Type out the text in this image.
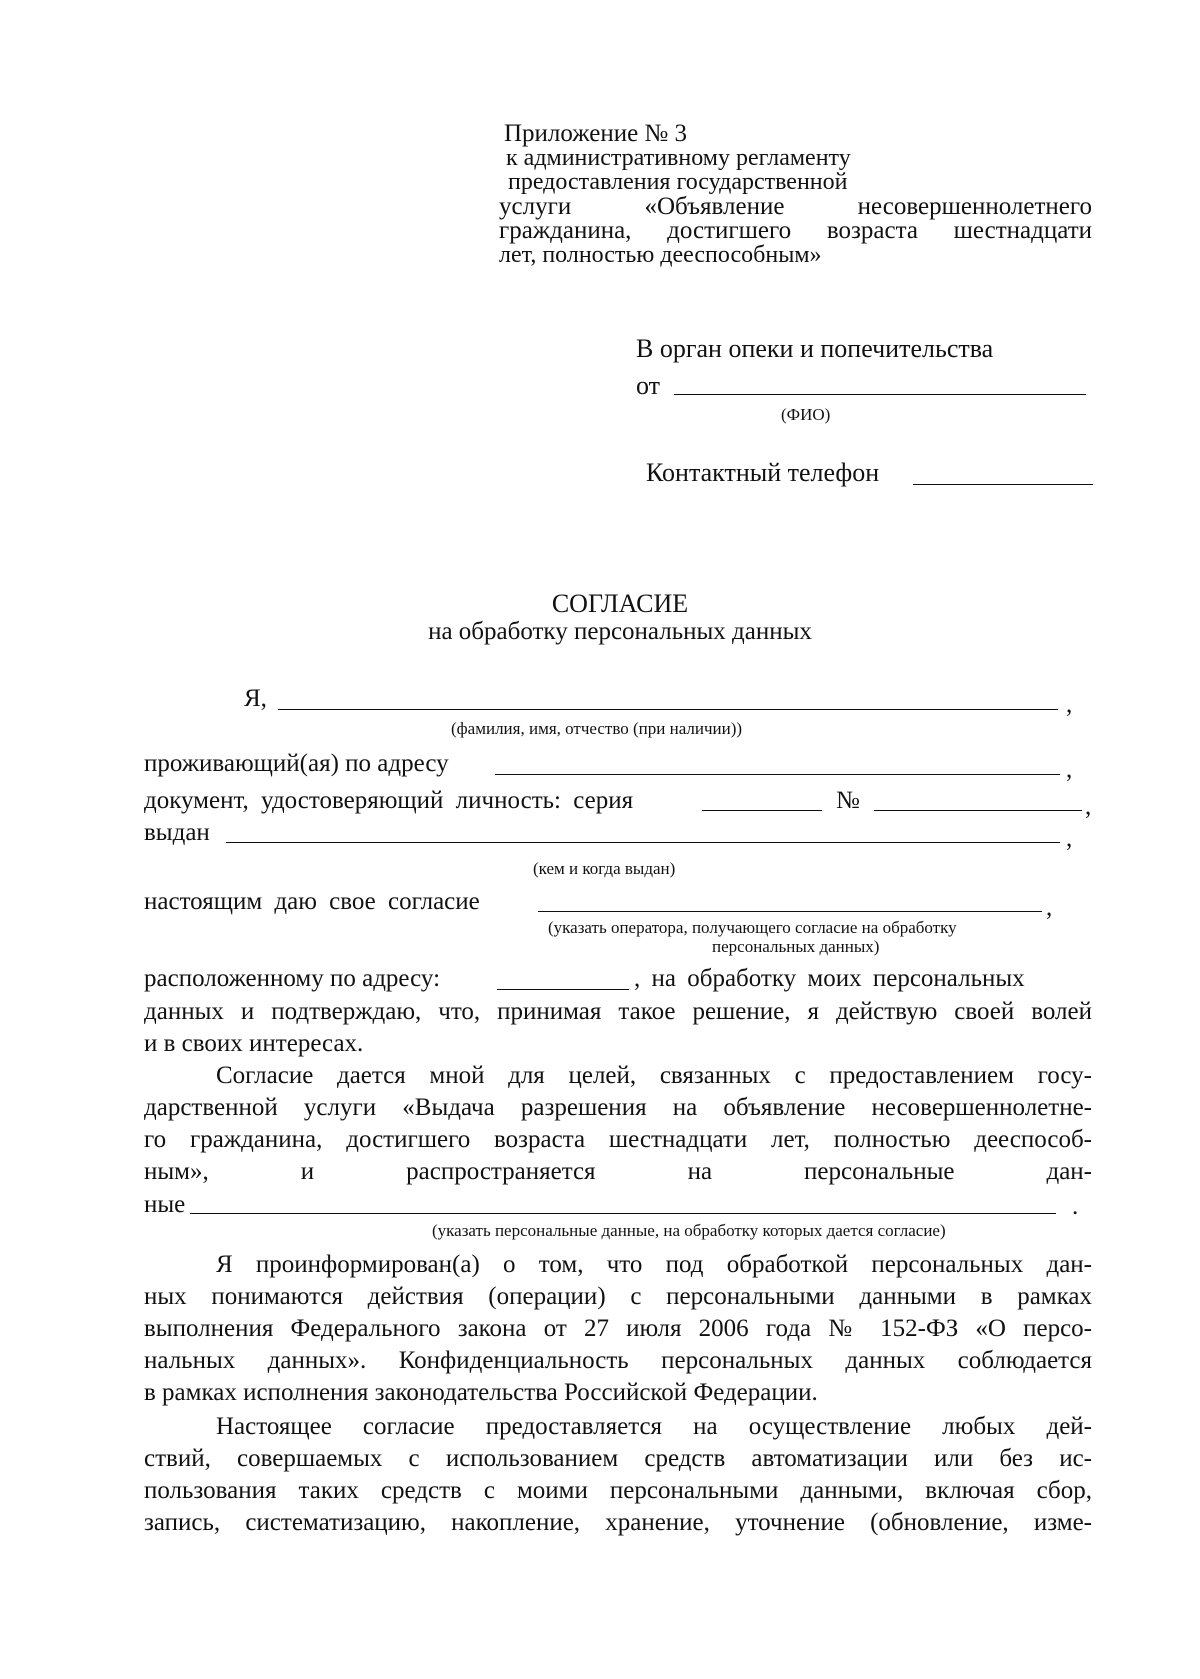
Приложение № 3
к административному регламенту
предоставления государственной
услуги «Объявление несовершеннолетнего
гражданина, достигшего возраста шестнадцати
лет, полностью дееспособным»
В орган опеки и попечительства
от
(ФИО)
Контактный телефон
СОГЛАСИЕ
на обработку персональных данных
Я,	,
(фамилия, имя, отчество (при наличии))
проживающий(ая) по адресу	,
документ, удостоверяющий личность: серия	№	,
выдан	,
(кем и когда выдан)
настоящим даю свое согласие	,
(указать оператора, получающего согласие на обработку
персональных данных)
расположенному по адресу:	, на обработку моих персональных
данных и подтверждаю, что, принимая такое решение, я действую своей волей
и в своих интересах.
Согласие дается мной для целей, связанных с предоставлением госу-
дарственной услуги «Выдача разрешения на объявление несовершеннолетне-
го гражданина, достигшего возраста шестнадцати лет, полностью дееспособ-
ным», и распространяется на персональные дан-
ные	.
(указать персональные данные, на обработку которых дается согласие)
Я проинформирован(а) о том, что под обработкой персональных дан-
ных понимаются действия (операции) с персональными данными в рамках
выполнения Федерального закона от 27 июля 2006 года № 152-ФЗ «О персо-
нальных данных». Конфиденциальность персональных данных соблюдается
в рамках исполнения законодательства Российской Федерации.
Настоящее согласие предоставляется на осуществление любых дей-
ствий, совершаемых с использованием средств автоматизации или без ис-
пользования таких средств с моими персональными данными, включая сбор,
запись, систематизацию, накопление, хранение, уточнение (обновление, изме-
